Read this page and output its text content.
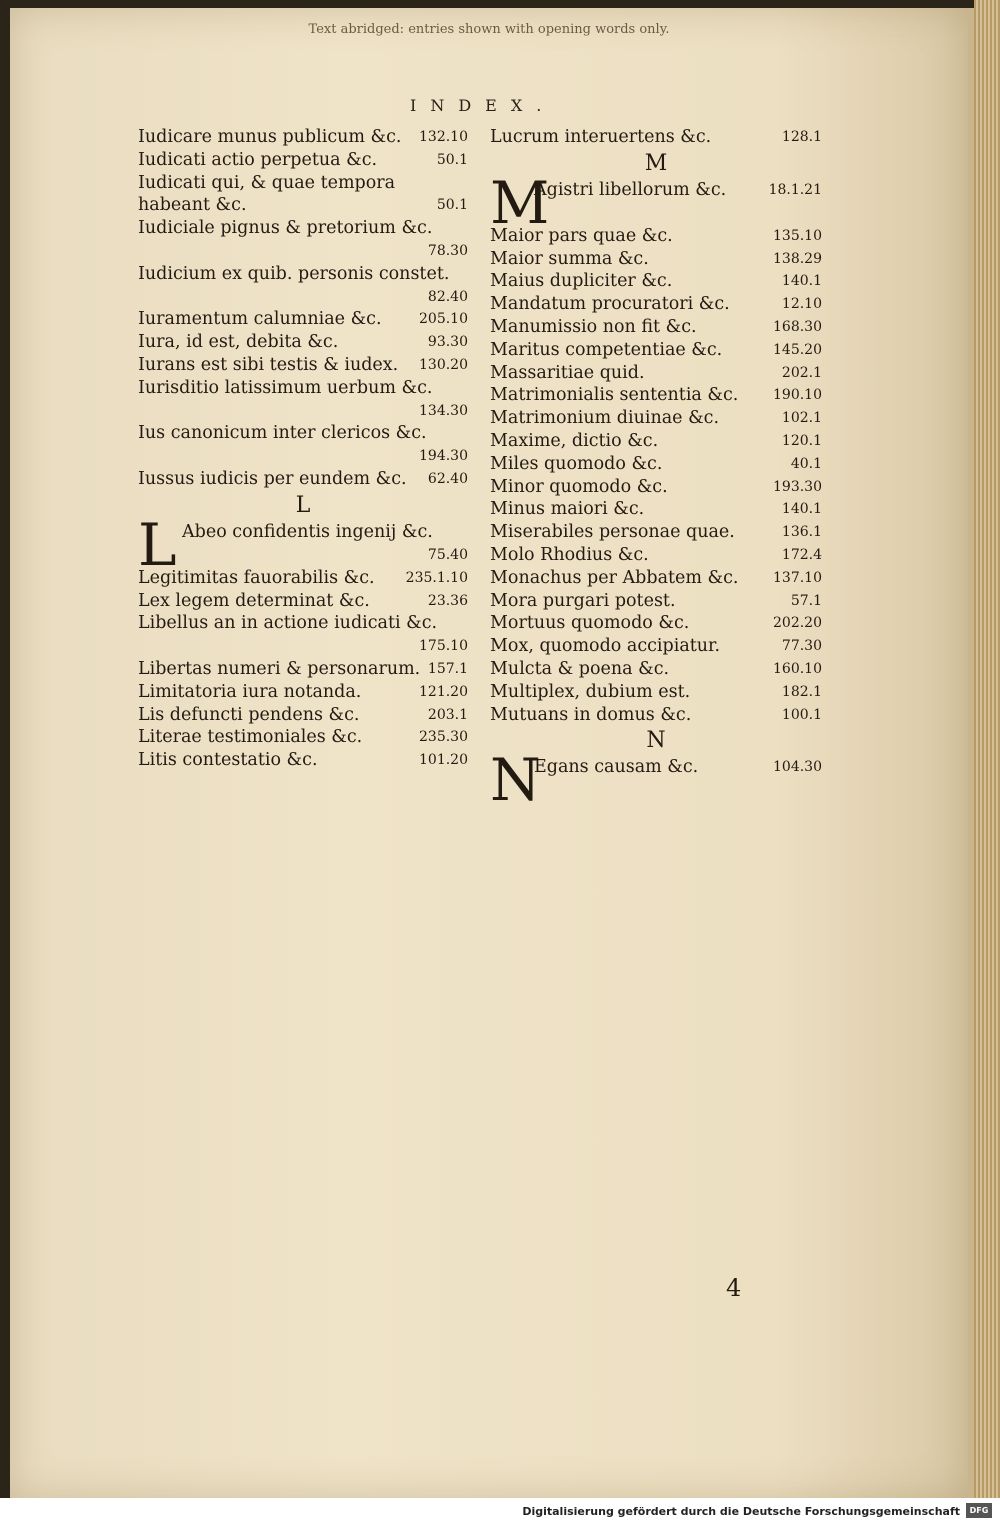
Text abridged: entries shown with opening words only.
INDEX.

Iudicare munus publicum &c. 132.10

Iudicati actio perpetua &c.	50.1

Iudicati qui, & quae tempora habeant &c.	50.1

Iudiciale pignus & pretorium &c.
78.30

Iudicium ex quib. personis constet.
82.40

Iuramentum calumniae &c.	205.10

Iura, id est, debita &c.	93.30

Iurans est sibi testis & iudex. 130.20

Iurisditio latissimum uerbum &c.
134.30

Ius canonicum inter clericos &c.
194.30

Iussus iudicis per eundem &c. 62.40

L

L Abeo confidentis ingenij &c.
75.40

Legitimitas fauorabilis &c. 235.1.10

Lex legem determinat &c.	23.36

Libellus an in actione iudicati &c.
175.10

Libertas numeri & personarum. 157.1

Limitatoria iura notanda.	121.20

Lis defuncti pendens &c.	203.1

Literae testimoniales &c.	235.30

Litis contestatio &c.	101.20

Lucrum interuertens &c.	128.1

M

M
Agistri libellorum &c.	18.1.21

Maior pars quae &c.	135.10

Maior summa &c.	138.29

Maius dupliciter &c.	140.1

Mandatum procuratori &c.	12.10

Manumissio non fit &c.	168.30

Maritus competentiae &c.	145.20

Massaritiae quid.	202.1

Matrimonialis sententia &c. 190.10

Matrimonium diuinae &c.	102.1

Maxime, dictio &c.	120.1

Miles quomodo &c.	40.1

Minor quomodo &c.	193.30

Minus maiori &c.	140.1

Miserabiles personae quae.	136.1

Molo Rhodius &c.	172.4

Monachus per Abbatem &c. 137.10

Mora purgari potest.	57.1

Mortuus quomodo &c.	202.20

Mox, quomodo accipiatur.	77.30

Mulcta & poena &c.	160.10

Multiplex, dubium est.	182.1

Mutuans in domus &c.	100.1

N

N
Egans causam &c.	104.30

4
Digitalisierung gefördert durch die Deutsche Forschungsgemeinschaft	DFG
